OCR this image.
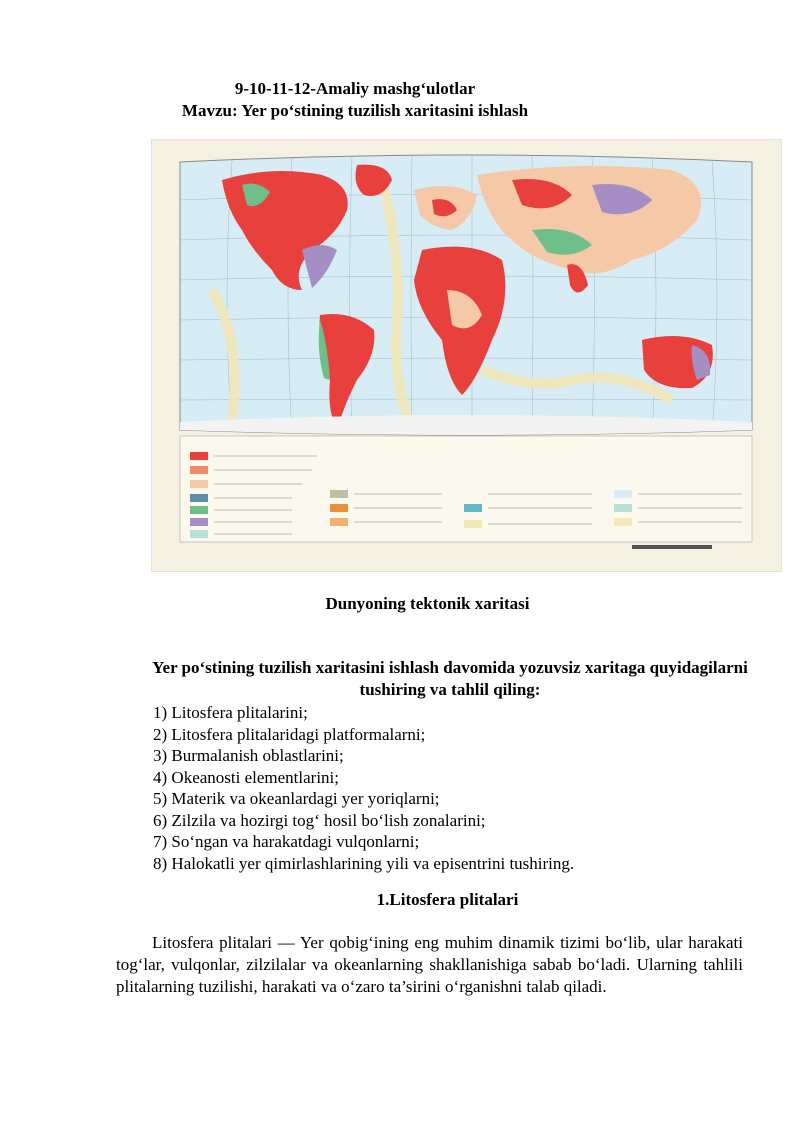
9-10-11-12-Amaliy mashg‘ulotlar
Mavzu: Yer po‘stining tuzilish xaritasini ishlash
Dunyoning tektonik xaritasi
Yer po‘stining tuzilish xaritasini ishlash davomida yozuvsiz xaritaga quyidagilarni tushiring va tahlil qiling:
1) Litosfera plitalarini;
2) Litosfera plitalaridagi platformalarni;
3) Burmalanish oblastlarini;
4) Okeanosti elementlarini;
5) Materik va okeanlardagi yer yoriqlarni;
6) Zilzila va hozirgi tog‘ hosil bo‘lish zonalarini;
7) So‘ngan va harakatdagi vulqonlarni;
8) Halokatli yer qimirlashlarining yili va episentrini tushiring.
1.Litosfera plitalari

Litosfera plitalari — Yer qobig‘ining eng muhim dinamik tizimi bo‘lib, ular harakati tog‘lar, vulqonlar, zilzilalar va okeanlarning shakllanishiga sabab bo‘ladi. Ularning tahlili plitalarning tuzilishi, harakati va o‘zaro ta’sirini o‘rganishni talab qiladi.
